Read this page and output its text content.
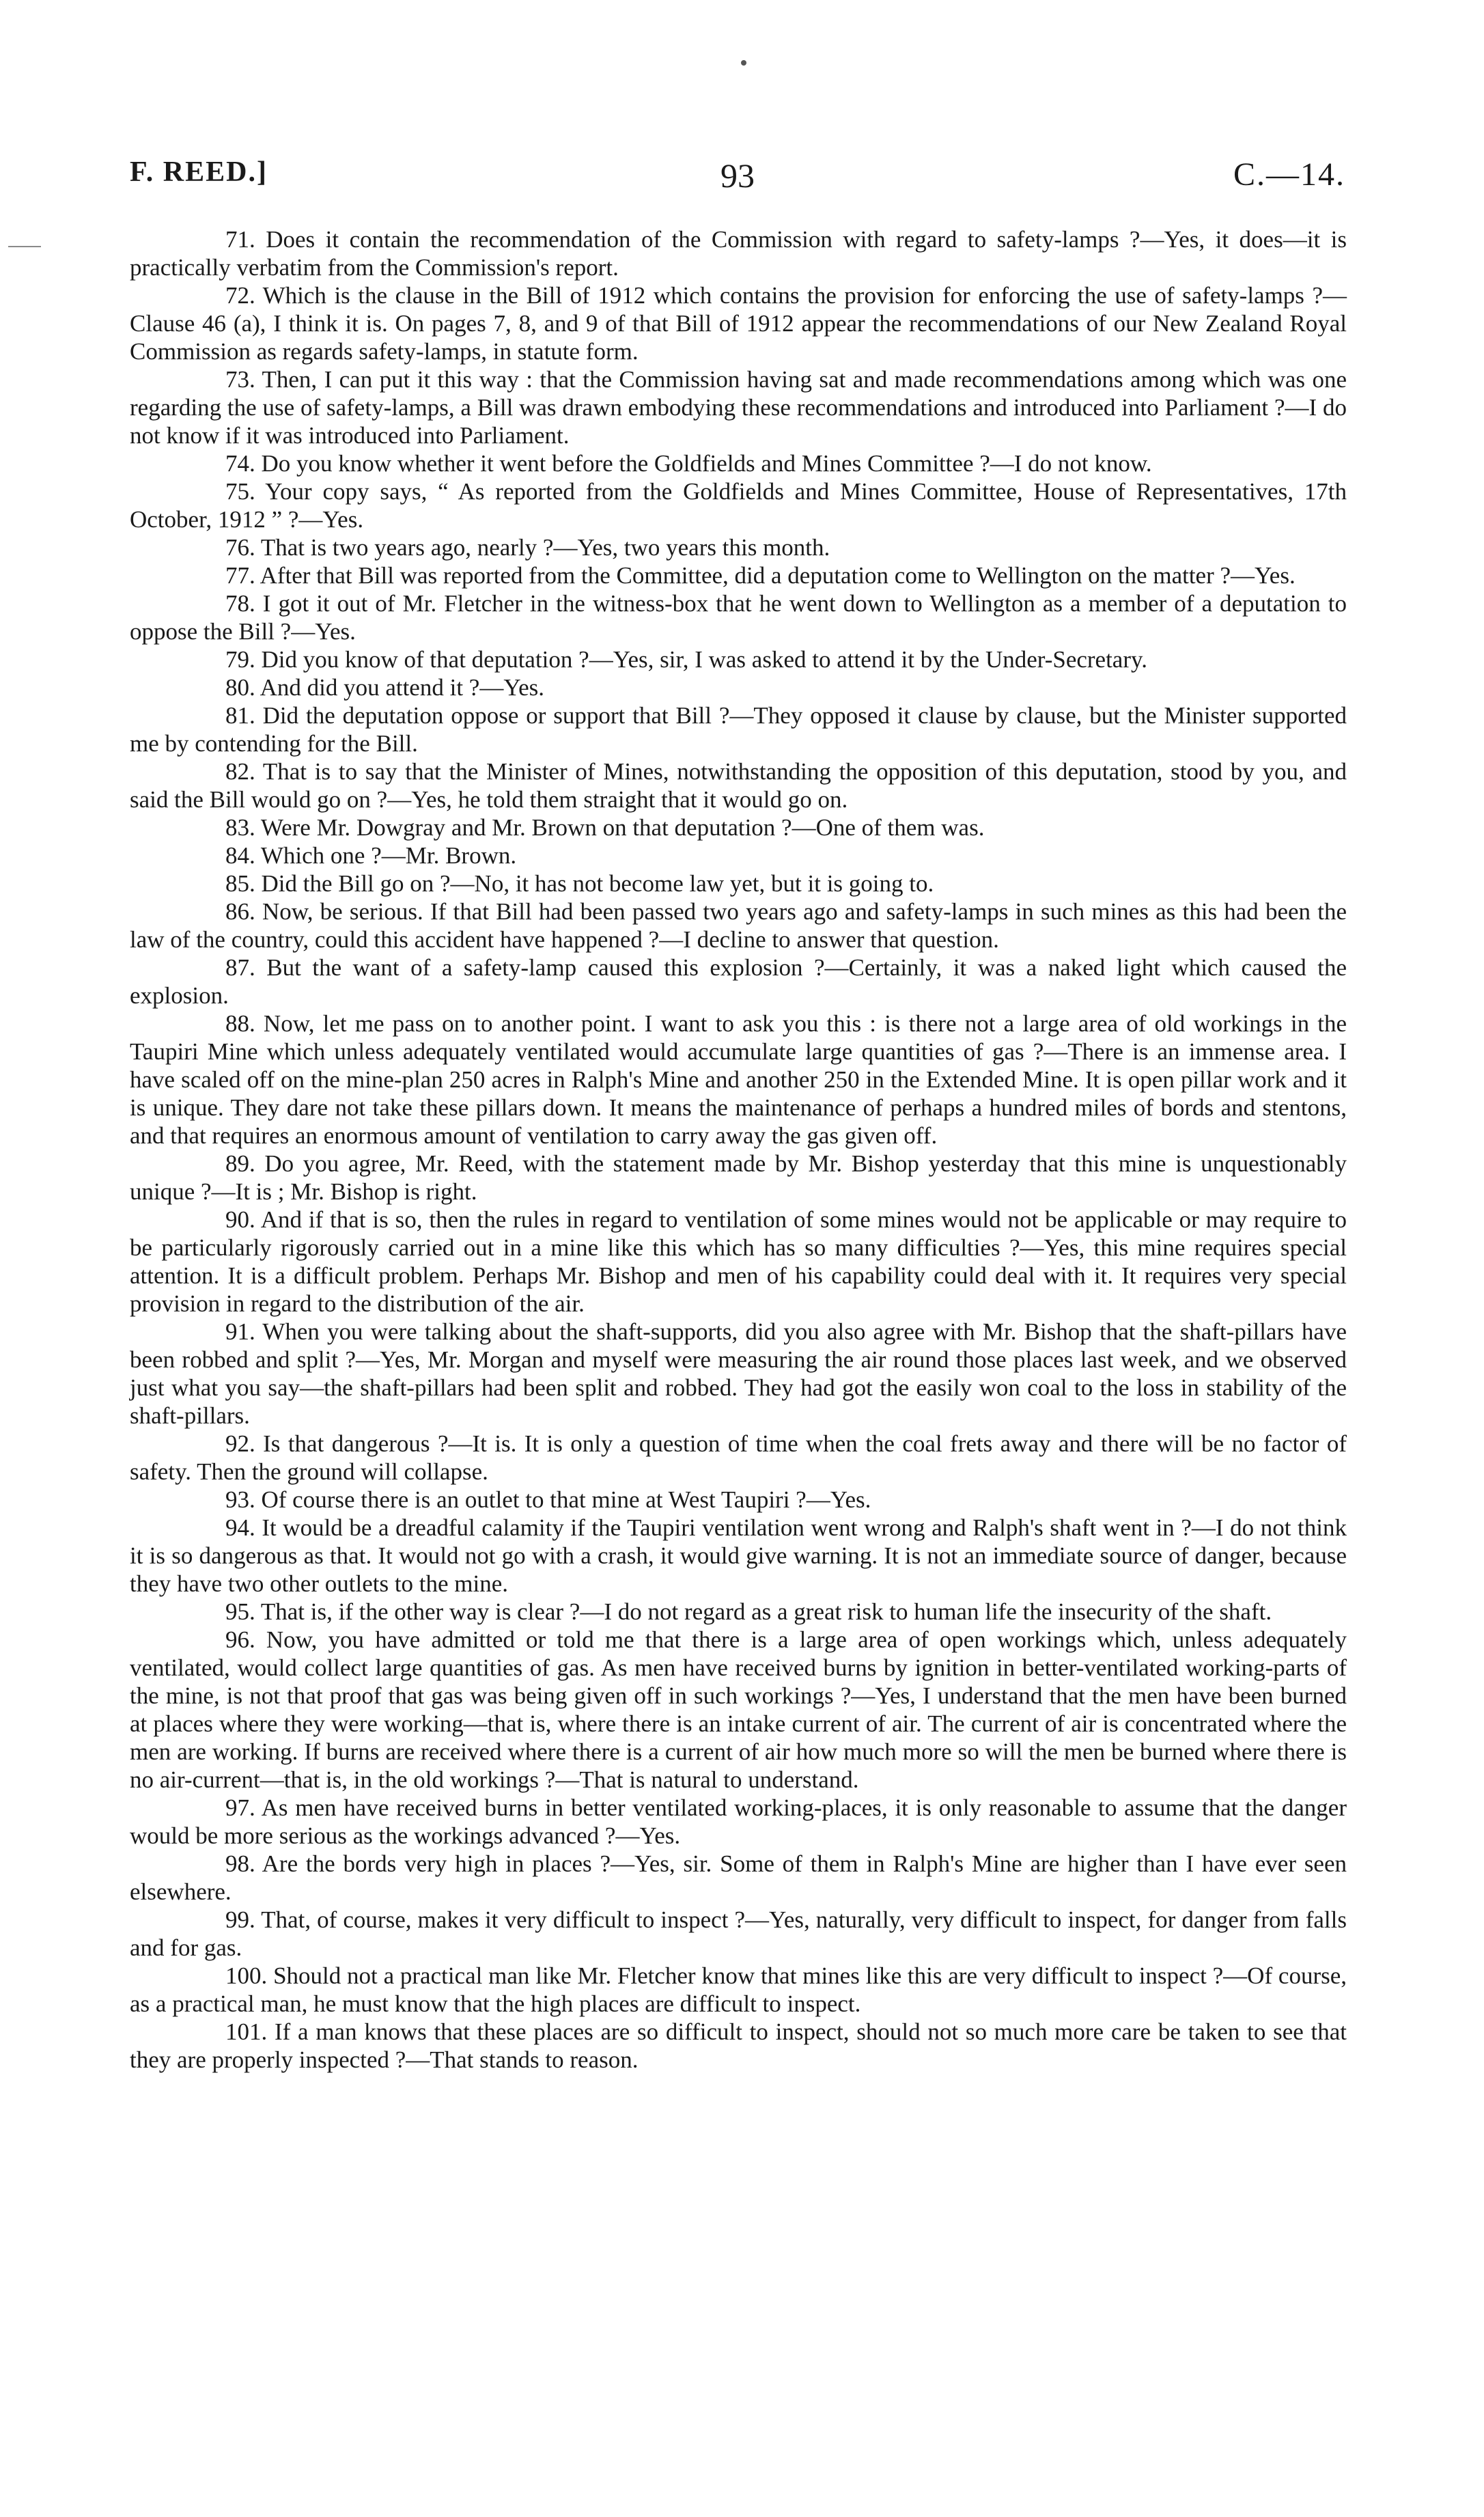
F. REED.]	93	C.—14.

71. Does it contain the recommendation of the Commission with regard to safety-lamps ?—Yes, it does—it is practically verbatim from the Commission's report.

72. Which is the clause in the Bill of 1912 which contains the provision for enforcing the use of safety-lamps ?—Clause 46 (a), I think it is. On pages 7, 8, and 9 of that Bill of 1912 appear the recommendations of our New Zealand Royal Commission as regards safety-lamps, in statute form.

73. Then, I can put it this way : that the Commission having sat and made recommendations among which was one regarding the use of safety-lamps, a Bill was drawn embodying these recommendations and introduced into Parliament ?—I do not know if it was introduced into Parliament.

74. Do you know whether it went before the Goldfields and Mines Committee ?—I do not know.

75. Your copy says, “ As reported from the Goldfields and Mines Committee, House of Representatives, 17th October, 1912 ” ?—Yes.

76. That is two years ago, nearly ?—Yes, two years this month.

77. After that Bill was reported from the Committee, did a deputation come to Wellington on the matter ?—Yes.

78. I got it out of Mr. Fletcher in the witness-box that he went down to Wellington as a member of a deputation to oppose the Bill ?—Yes.

79. Did you know of that deputation ?—Yes, sir, I was asked to attend it by the Under-Secretary.

80. And did you attend it ?—Yes.

81. Did the deputation oppose or support that Bill ?—They opposed it clause by clause, but the Minister supported me by contending for the Bill.

82. That is to say that the Minister of Mines, notwithstanding the opposition of this deputation, stood by you, and said the Bill would go on ?—Yes, he told them straight that it would go on.

83. Were Mr. Dowgray and Mr. Brown on that deputation ?—One of them was.

84. Which one ?—Mr. Brown.

85. Did the Bill go on ?—No, it has not become law yet, but it is going to.

86. Now, be serious. If that Bill had been passed two years ago and safety-lamps in such mines as this had been the law of the country, could this accident have happened ?—I decline to answer that question.

87. But the want of a safety-lamp caused this explosion ?—Certainly, it was a naked light which caused the explosion.

88. Now, let me pass on to another point. I want to ask you this : is there not a large area of old workings in the Taupiri Mine which unless adequately ventilated would accumulate large quantities of gas ?—There is an immense area. I have scaled off on the mine-plan 250 acres in Ralph's Mine and another 250 in the Extended Mine. It is open pillar work and it is unique. They dare not take these pillars down. It means the maintenance of perhaps a hundred miles of bords and stentons, and that requires an enormous amount of ventilation to carry away the gas given off.

89. Do you agree, Mr. Reed, with the statement made by Mr. Bishop yesterday that this mine is unquestionably unique ?—It is ; Mr. Bishop is right.

90. And if that is so, then the rules in regard to ventilation of some mines would not be applicable or may require to be particularly rigorously carried out in a mine like this which has so many difficulties ?—Yes, this mine requires special attention. It is a difficult problem. Perhaps Mr. Bishop and men of his capability could deal with it. It requires very special provision in regard to the distribution of the air.

91. When you were talking about the shaft-supports, did you also agree with Mr. Bishop that the shaft-pillars have been robbed and split ?—Yes, Mr. Morgan and myself were measuring the air round those places last week, and we observed just what you say—the shaft-pillars had been split and robbed. They had got the easily won coal to the loss in stability of the shaft-pillars.

92. Is that dangerous ?—It is. It is only a question of time when the coal frets away and there will be no factor of safety. Then the ground will collapse.

93. Of course there is an outlet to that mine at West Taupiri ?—Yes.

94. It would be a dreadful calamity if the Taupiri ventilation went wrong and Ralph's shaft went in ?—I do not think it is so dangerous as that. It would not go with a crash, it would give warning. It is not an immediate source of danger, because they have two other outlets to the mine.

95. That is, if the other way is clear ?—I do not regard as a great risk to human life the insecurity of the shaft.

96. Now, you have admitted or told me that there is a large area of open workings which, unless adequately ventilated, would collect large quantities of gas. As men have received burns by ignition in better-ventilated working-parts of the mine, is not that proof that gas was being given off in such workings ?—Yes, I understand that the men have been burned at places where they were working—that is, where there is an intake current of air. The current of air is concentrated where the men are working. If burns are received where there is a current of air how much more so will the men be burned where there is no air-current—that is, in the old workings ?—That is natural to understand.

97. As men have received burns in better ventilated working-places, it is only reasonable to assume that the danger would be more serious as the workings advanced ?—Yes.

98. Are the bords very high in places ?—Yes, sir. Some of them in Ralph's Mine are higher than I have ever seen elsewhere.

99. That, of course, makes it very difficult to inspect ?—Yes, naturally, very difficult to inspect, for danger from falls and for gas.

100. Should not a practical man like Mr. Fletcher know that mines like this are very difficult to inspect ?—Of course, as a practical man, he must know that the high places are difficult to inspect.

101. If a man knows that these places are so difficult to inspect, should not so much more care be taken to see that they are properly inspected ?—That stands to reason.
